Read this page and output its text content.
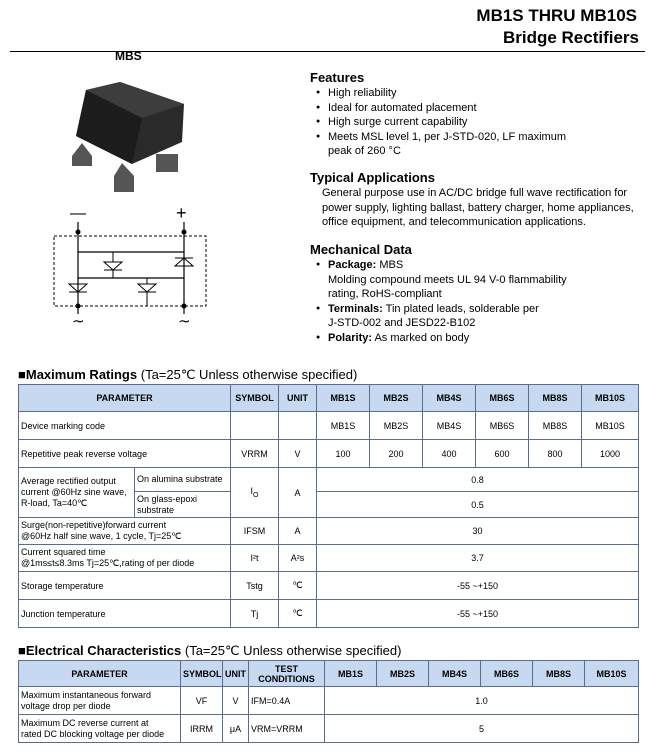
MB1S THRU MB10S
Bridge Rectifiers
MBS
—	+
∼	∼
Features
● High reliability
● Ideal for automated placement
● High surge current capability
● Meets MSL level 1, per J-STD-020, LF maximum
peak of 260 °C
Typical Applications
General purpose use in AC/DC bridge full wave rectification for
power supply, lighting ballast, battery charger, home appliances,
office equipment, and telecommunication applications.
Mechanical Data
● Package: MBS
Molding compound meets UL 94 V-0 flammability
rating, RoHS-compliant
● Terminals: Tin plated leads, solderable per
J-STD-002 and JESD22-B102
● Polarity: As marked on body
■Maximum Ratings (Ta=25℃ Unless otherwise specified)
PARAMETER		SYMBOL	UNIT	MB1S	MB2S	MB4S	MB6S	MB8S	MB10S
Device marking code				MB1S	MB2S	MB4S	MB6S	MB8S	MB10S
Repetitive peak reverse voltage		VRRM	V	100	200	400	600	800	1000

Average rectified output
current @60Hz sine wave,
R-load, Ta=40℃	On alumina substrate	$I_O$	A	0.8					
	On glass-epoxi substrate			0.5					

Surge(non-repetitive)forward current
@60Hz half sine wave, 1 cycle, Tj=25℃		IFSM	A	30					

Current squared time
@1ms≤t≤8.3ms Tj=25℃,rating of per diode		I²t	A²s	3.7					
Storage temperature		Tstg	℃	-55 ~+150					
Junction temperature		Tj	℃	-55 ~+150					
■Electrical Characteristics (Ta=25℃ Unless otherwise specified)
PARAMETER	SYMBOL	UNIT	TEST CONDITIONS	MB1S	MB2S	MB4S	MB6S	MB8S	MB10S

Maximum instantaneous forward
voltage drop per diode	VF	V	IFM=0.4A	1.0					

Maximum DC reverse current at
rated DC blocking voltage per diode	IRRM	μA	VRM=VRRM	5					
